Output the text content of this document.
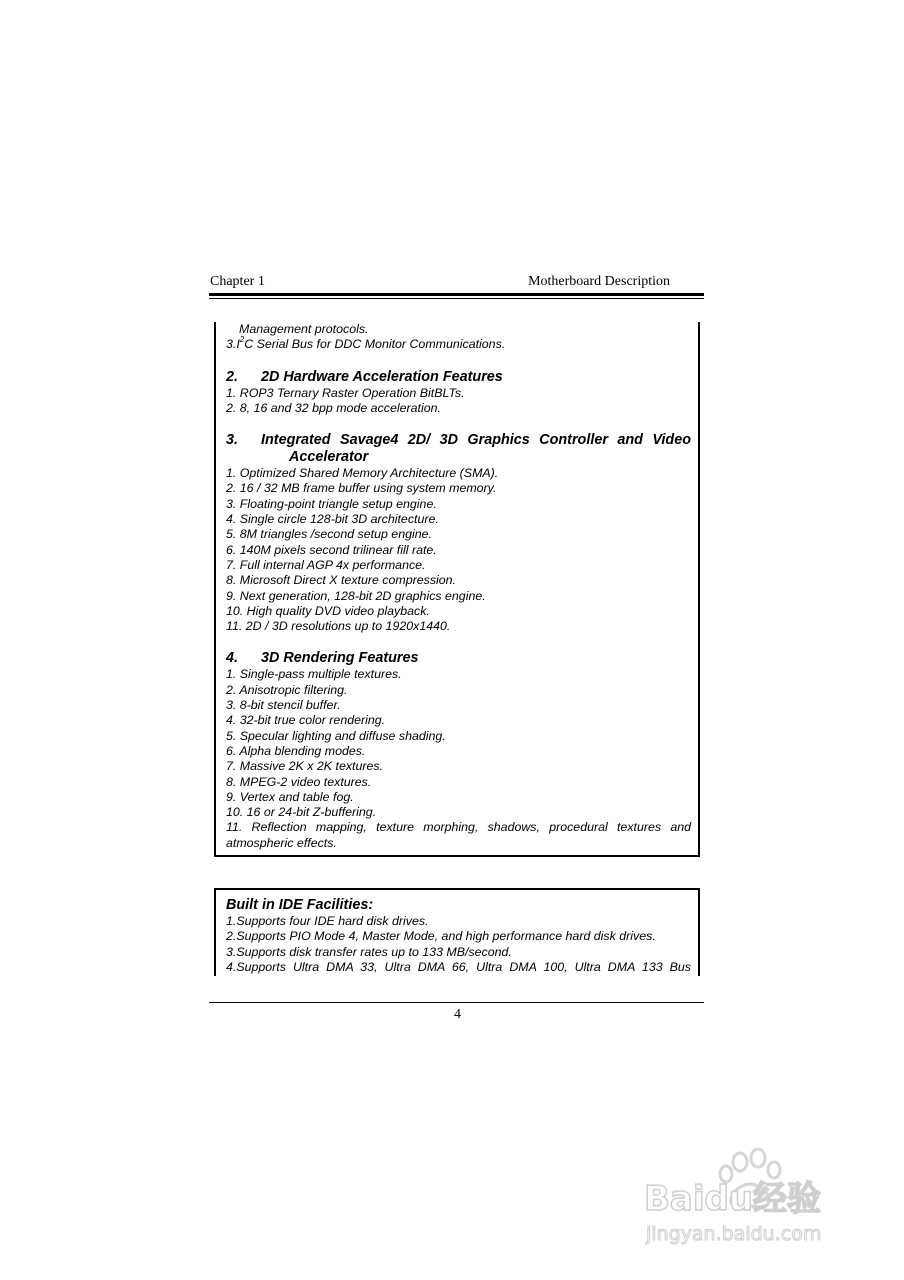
Chapter 1	Motherboard Description
Management protocols.
$3.I^2C$ Serial Bus for DDC Monitor Communications.
2.	2D Hardware Acceleration Features
1. ROP3 Ternary Raster Operation BitBLTs.
2. 8, 16 and 32 bpp mode acceleration.
3.	Integrated Savage4 2D/ 3D Graphics Controller and Video
Accelerator
1. Optimized Shared Memory Architecture (SMA).
2. 16 / 32 MB frame buffer using system memory.
3. Floating-point triangle setup engine.
4. Single circle 128-bit 3D architecture.
5. 8M triangles /second setup engine.
6. 140M pixels second trilinear fill rate.
7. Full internal AGP 4x performance.
8. Microsoft Direct X texture compression.
9. Next generation, 128-bit 2D graphics engine.
10. High quality DVD video playback.
11. 2D / 3D resolutions up to 1920x1440.
4.	3D Rendering Features
1. Single-pass multiple textures.
2. Anisotropic filtering.
3. 8-bit stencil buffer.
4. 32-bit true color rendering.
5. Specular lighting and diffuse shading.
6. Alpha blending modes.
7. Massive 2K x 2K textures.
8. MPEG-2 video textures.
9. Vertex and table fog.
10. 16 or 24-bit Z-buffering.
11. Reflection mapping, texture morphing, shadows, procedural textures and
atmospheric effects.
Built in IDE Facilities:
1.Supports four IDE hard disk drives.
2.Supports PIO Mode 4, Master Mode, and high performance hard disk drives.
3.Supports disk transfer rates up to 133 MB/second.
4.Supports Ultra DMA 33, Ultra DMA 66, Ultra DMA 100, Ultra DMA 133 Bus
4
Baidu经验
jingyan.baidu.com
